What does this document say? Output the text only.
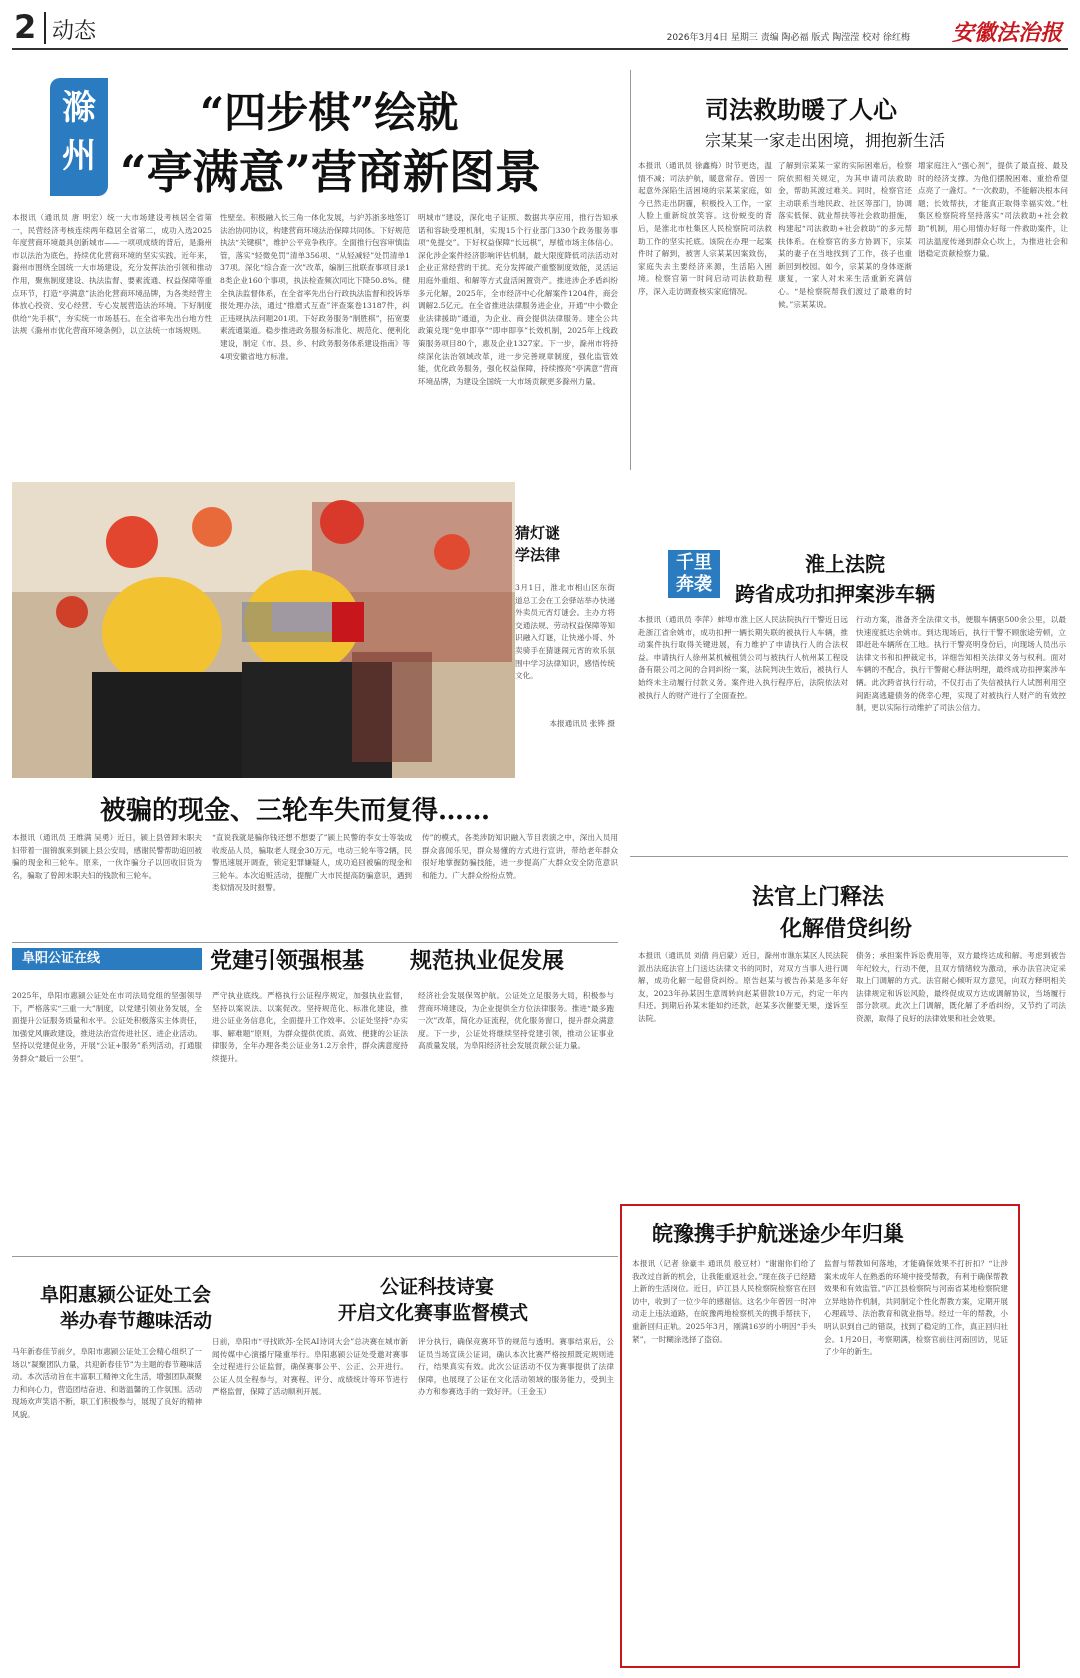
2 动态	2026年3月4日 星期三 责编 陶必福 版式 陶滢滢 校对 徐红梅 安徽法治报
滁州
“四步棋”绘就
“亭满意”营商新图景
本报讯（通讯员 唐 明宏）统一大市场建设考核居全省第一，民营经济考核连续两年稳居全省第二，成功入选2025年度营商环境最具创新城市——一项项成绩的背后，是滁州市以法治为底色，持续优化营商环境的坚实实践。近年来，滁州市围绕全国统一大市场建设，充分发挥法治引领和推动作用，聚焦制度建设、执法监督、要素流通、权益保障等重点环节，打造“亭满意”法治化营商环境品牌，为各类经营主体放心投资、安心经营、专心发展营造法治环境。下好制度供给“先手棋”，夯实统一市场基石。在全省率先出台地方性法规《滁州市优化营商环境条例》，以立法统一市场规则。
性壁垒。积极融入长三角一体化发展，与沪苏浙多地签订法治协同协议，构建营商环境法治保障共同体。下好规范执法“关键棋”，维护公平竞争秩序。全面推行包容审慎监管，落实“轻微免罚”清单356项、“从轻减轻”处罚清单137项。深化“综合查一次”改革，编制三批联查事项目录18类企业160个事项，执法检查频次同比下降50.8%。健全执法监督体系，在全省率先出台行政执法监督和投诉举报处理办法，通过“推磨式互查”评查案卷13187件，纠正违规执法问题201项。下好政务服务“制胜棋”，拓宽要素流通渠道。稳步推进政务服务标准化、规范化、便利化建设，制定《市、县、乡、村政务服务体系建设指南》等4项安徽省地方标准。
明城市”建设，深化电子证照、数据共享应用，推行告知承诺和容缺受理机制，实现15个行业部门330个政务服务事项“免提交”。下好权益保障“长远棋”，厚植市场主体信心。深化涉企案件经济影响评估机制，最大限度降低司法活动对企业正常经营的干扰。充分发挥破产重整制度效能，灵活运用庭外重组、和解等方式盘活闲置资产。推进涉企矛盾纠纷多元化解，2025年，全市经济中心化解案件1204件，商会调解2.5亿元。在全省推进法律服务进企业，开通“中小微企业法律援助”通道，为企业、商会提供法律服务。建全公共政策兑现“免申即享”“即申即享”长效机制，2025年上线政策服务项目80个，惠及企业1327家。下一步，滁州市将持续深化法治领域改革，进一步完善规章制度，强化监管效能，优化政务服务，强化权益保障，持续擦亮“亭满意”营商环境品牌，为建设全国统一大市场贡献更多滁州力量。
司法救助暖了人心
宗某某一家走出困境，拥抱新生活
本报讯（通讯员 徐鑫梅）时节更迭，温情不减；司法护航，暖意常存。曾因一起意外深陷生活困境的宗某某家庭，如今已然走出阴霾，积极投入工作，一家人脸上重新绽放笑容。这份蜕变的背后，是淮北市杜集区人民检察院司法救助工作的坚实托底。该院在办理一起案件时了解到，被害人宗某某因案致伤，家庭失去主要经济来源，生活陷入困境。检察官第一时间启动司法救助程序，深入走访调查核实家庭情况。
了解到宗某某一家的实际困难后，检察院依照相关规定，为其申请司法救助金，帮助其渡过难关。同时，检察官还主动联系当地民政、社区等部门，协调落实低保、就业帮扶等社会救助措施，构建起“司法救助+社会救助”的多元帮扶体系。在检察官的多方协调下，宗某某的妻子在当地找到了工作，孩子也重新回到校园。如今，宗某某的身体逐渐康复，一家人对未来生活重新充满信心。“是检察院帮我们渡过了最难的时候。”宗某某说。
增家庭注入“强心剂”，提供了最直接、最及时的经济支撑。为他们摆脱困难、重拾希望点亮了一盏灯。“一次救助，不能解决根本问题；长效帮扶，才能真正取得幸福实效。”杜集区检察院将坚持落实“司法救助+社会救助”机制，用心用情办好每一件救助案件，让司法温度传递到群众心坎上，为推进社会和谐稳定贡献检察力量。
猜灯谜
学法律
3月1日，淮北市相山区东街道总工会在工会驿站举办快递外卖员元宵灯谜会。主办方将交通法规、劳动权益保障等知识融入灯谜，让快递小哥、外卖骑手在猜谜闹元宵的欢乐氛围中学习法律知识，感悟传统文化。
本报通讯员 张铧 摄
千里
奔袭
淮上法院
跨省成功扣押案涉车辆
本报讯（通讯员 李萍）蚌埠市淮上区人民法院执行干警近日远赴浙江省余姚市，成功扣押一辆长期失联的被执行人车辆，推动案件执行取得关键进展，有力维护了申请执行人的合法权益。申请执行人徐州某机械租赁公司与被执行人杭州某工程设备有限公司之间的合同纠纷一案，法院判决生效后，被执行人始终未主动履行付款义务。案件进入执行程序后，法院依法对被执行人的财产进行了全面查控。
行动方案，准备齐全法律文书，便服车辆驱500余公里，以最快速度抵达余姚市。到达现场后，执行干警不顾旅途劳顿，立即赶赴车辆所在工地。执行干警亮明身份后，向现场人员出示法律文书和扣押裁定书，详细告知相关法律义务与权利。面对车辆的不配合，执行干警耐心释法明理，最终成功扣押案涉车辆。此次跨省执行行动，不仅打击了失信被执行人试图利用空间距离逃避债务的侥幸心理，实现了对被执行人财产的有效控制，更以实际行动维护了司法公信力。
被骗的现金、三轮车失而复得……
本报讯（通讯员 王维满 吴勇）近日，颍上县曾卸未职夫妇带着一面锦旗来到颍上县公安局，感谢民警帮助追回被骗的现金和三轮车。原来，一伙诈骗分子以回收旧货为名，骗取了曾卸未职夫妇的钱款和三轮车。
“直说我就是骗你钱还想不想要了”颍上民警的李女士等装成收废品人员，骗取老人现金30万元，电动三轮车等2辆，民警迅速展开调查，锁定犯罪嫌疑人，成功追回被骗的现金和三轮车。本次追赃活动，提醒广大市民提高防骗意识，遇到类似情况及时报警。
传”的模式，各类涉防知识融入节目表演之中，深出入员用群众喜闻乐见，群众易懂的方式进行宣讲，带给老年群众很好地掌握防骗技能，进一步提高广大群众安全防范意识和能力。广大群众纷纷点赞。
法官上门释法
化解借贷纠纷
本报讯（通讯员 刘倩 肖启蒙）近日，滁州市谯东某区人民法院派出法庭法官上门送达法律文书的同时，对双方当事人进行调解，成功化解一起借贷纠纷。原告赵某与被告孙某是多年好友，2023年孙某因生意周转向赵某借款10万元，约定一年内归还。到期后孙某未能如约还款，赵某多次催要无果，遂诉至法院。
债务；承担案件诉讼费用等，双方最终达成和解。考虑到被告年纪较大，行动不便，且双方情绪较为激动，承办法官决定采取上门调解的方式。法官耐心倾听双方意见，向双方释明相关法律规定和诉讼风险，最终促成双方达成调解协议，当场履行部分款项。此次上门调解，既化解了矛盾纠纷，又节约了司法资源，取得了良好的法律效果和社会效果。
阜阳公证在线	党建引领强根基 规范执业促发展
2025年，阜阳市惠颍公证处在市司法局党组的坚强领导下，严格落实“三重一大”制度，以党建引领业务发展，全面提升公证服务质量和水平。公证处积极落实主体责任，加强党风廉政建设，推进法治宣传进社区、进企业活动。坚持以党建促业务，开展“公证+服务”系列活动，打通服务群众“最后一公里”。
严守执业底线。严格执行公证程序规定，加强执业监督，坚持以案说法、以案促改。坚持规范化、标准化建设，推进公证业务信息化，全面提升工作效率。公证处坚持“办实事、解难题”原则，为群众提供优质、高效、便捷的公证法律服务，全年办理各类公证业务1.2万余件，群众满意度持续提升。
经济社会发展保驾护航。公证处立足服务大局，积极参与营商环境建设，为企业提供全方位法律服务。推进“最多跑一次”改革，简化办证流程，优化服务窗口，提升群众满意度。下一步，公证处将继续坚持党建引领，推动公证事业高质量发展，为阜阳经济社会发展贡献公证力量。
阜阳惠颍公证处工会
举办春节趣味活动
马年新春佳节前夕，阜阳市惠颍公证处工会精心组织了一场以“凝聚团队力量，共迎新春佳节”为主题的春节趣味活动。本次活动旨在丰富职工精神文化生活，增强团队凝聚力和向心力，营造团结奋进、和谐温馨的工作氛围。活动现场欢声笑语不断，职工们积极参与，展现了良好的精神风貌。
公证科技诗宴
开启文化赛事监督模式
日前，阜阳市“寻找欧苏·全民AI诗词大会”总决赛在城市新闻传媒中心演播厅隆重举行。阜阳惠颍公证处受邀对赛事全过程进行公证监督，确保赛事公平、公正、公开进行。公证人员全程参与，对赛程、评分、成绩统计等环节进行严格监督，保障了活动顺利开展。
评分执行，确保竞赛环节的规范与透明。赛事结束后，公证员当场宣读公证词，确认本次比赛严格按照既定规则进行，结果真实有效。此次公证活动不仅为赛事提供了法律保障，也展现了公证在文化活动领域的服务能力，受到主办方和参赛选手的一致好评。（王金玉）
皖豫携手护航迷途少年归巢
本报讯（记者 徐豪丰 通讯员 殷豆材）“谢谢你们给了我改过自新的机会，让我能重返社会。”现在孩子已经踏上新的生活岗位。近日，庐江县人民检察院检察官在回访中，收到了一位少年的感谢信。这名少年曾因一时冲动走上违法道路，在皖豫两地检察机关的携手帮扶下，重新回归正轨。2025年3月，刚满16岁的小明因“手头紧”，一时糊涂选择了盗窃。
监督与帮教如何落地，才能确保效果不打折扣？“让涉案未成年人在熟悉的环境中接受帮教，有利于确保帮教效果和有效监管。”庐江县检察院与河南省某地检察院建立异地协作机制，共同制定个性化帮教方案，定期开展心理疏导、法治教育和就业指导。经过一年的帮教，小明认识到自己的错误，找到了稳定的工作，真正回归社会。1月20日，考察期满，检察官前往河南回访，见证了少年的新生。
